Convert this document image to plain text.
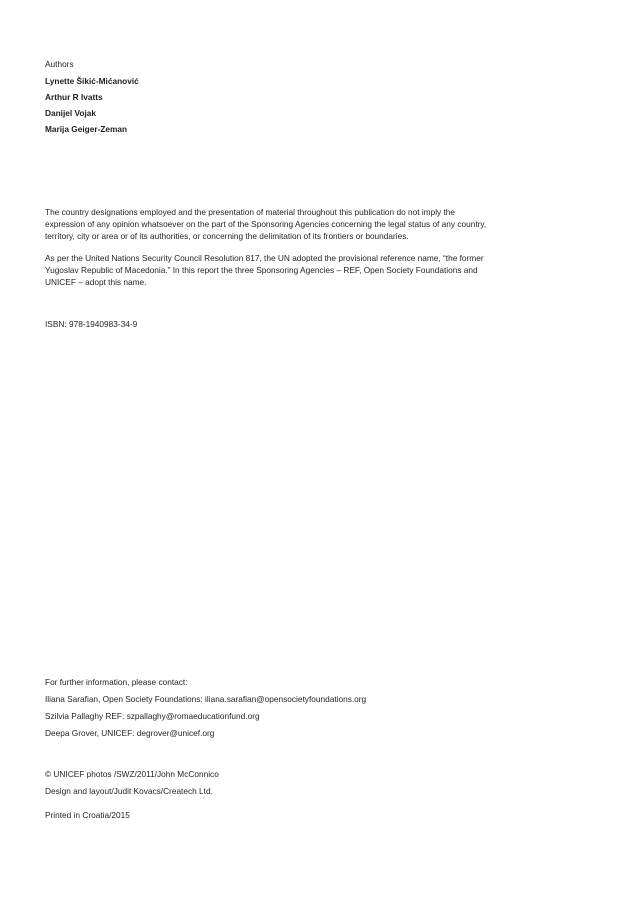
Authors
Lynette Šikić-Mićanović
Arthur R Ivatts
Danijel Vojak
Marija Geiger-Zeman
The country designations employed and the presentation of material throughout this publication do not imply the
expression of any opinion whatsoever on the part of the Sponsoring Agencies concerning the legal status of any country,
territory, city or area or of its authorities, or concerning the delimitation of its frontiers or boundaries.
As per the United Nations Security Council Resolution 817, the UN adopted the provisional reference name, “the former
Yugoslav Republic of Macedonia.” In this report the three Sponsoring Agencies – REF, Open Society Foundations and
UNICEF – adopt this name.
ISBN: 978-1940983-34-9
For further information, please contact:
Iliana Sarafian, Open Society Foundations: iliana.sarafian@opensocietyfoundations.org
Szilvia Pallaghy REF: szpallaghy@romaeducationfund.org
Deepa Grover, UNICEF: degrover@unicef.org
© UNICEF photos /SWZ/2011/John McConnico
Design and layout/Judit Kovacs/Createch Ltd.
Printed in Croatia/2015
